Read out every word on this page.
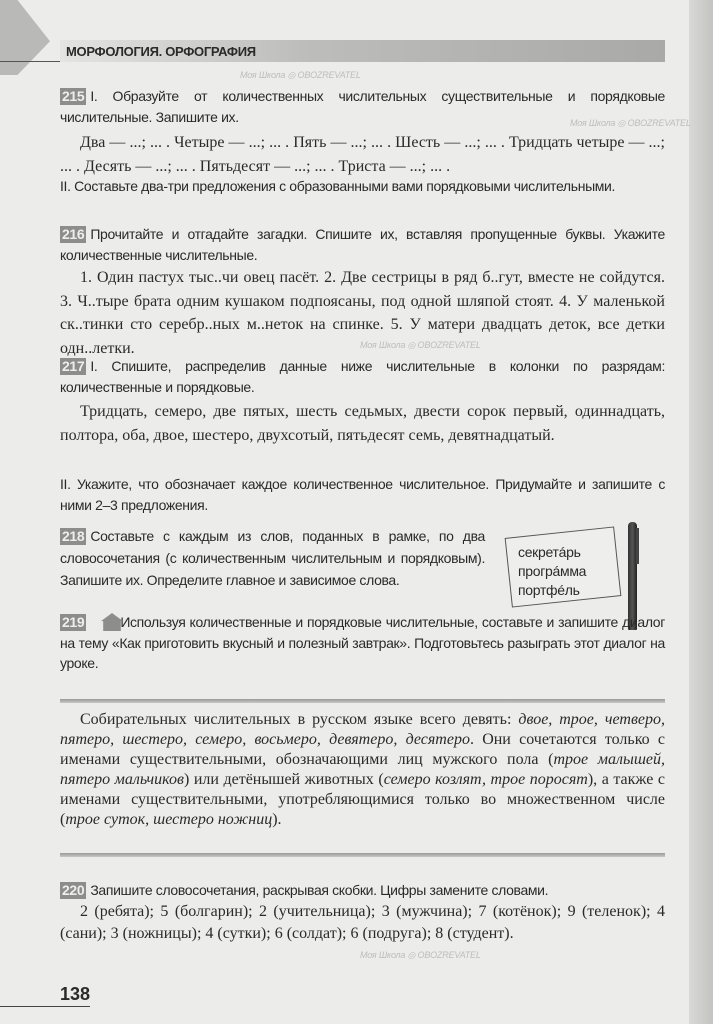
МОРФОЛОГИЯ. ОРФОГРАФИЯ
215 I. Образуйте от количественных числительных существительные и порядковые числительные. Запишите их.
Два — ...; ... . Четыре — ...; ... . Пять — ...; ... . Шесть — ...; ... . Тридцать четыре — ...; ... . Десять — ...; ... . Пятьдесят — ...; ... . Триста — ...; ... .
II. Составьте два-три предложения с образованными вами порядковыми числительными.
216 Прочитайте и отгадайте загадки. Спишите их, вставляя пропущенные буквы. Укажите количественные числительные.
1. Один пастух тыс..чи овец пасёт. 2. Две сестрицы в ряд б..гут, вместе не сойдутся. 3. Ч..тыре брата одним кушаком подпоясаны, под одной шляпой стоят. 4. У маленькой ск..тинки сто серебр..ных м..неток на спинке. 5. У матери двадцать деток, все детки одн..летки.
217 I. Спишите, распределив данные ниже числительные в колонки по разрядам: количественные и порядковые.
Тридцать, семеро, две пятых, шесть седьмых, двести сорок первый, одиннадцать, полтора, оба, двое, шестеро, двухсотый, пятьдесят семь, девятнадцатый.
II. Укажите, что обозначает каждое количественное числительное. Придумайте и запишите с ними 2–3 предложения.
218 Составьте с каждым из слов, поданных в рамке, по два словосочетания (с количественным числительным и порядковым). Запишите их. Определите главное и зависимое слова.
секретáрь
прогрáмма
портфéль
219	Используя количественные и порядковые числительные, составьте и запишите диалог на тему «Как приготовить вкусный и полезный завтрак». Подготовьтесь разыграть этот диалог на уроке.
Собирательных числительных в русском языке всего девять: двое, трое, четверо, пятеро, шестеро, семеро, восьмеро, девятеро, десятеро. Они сочетаются только с именами существительными, обозначающими лиц мужского пола (трое малышей, пятеро мальчиков) или детёнышей животных (семеро козлят, трое поросят), а также с именами существительными, употребляющимися только во множественном числе (трое суток, шестеро ножниц).
220 Запишите словосочетания, раскрывая скобки. Цифры замените словами.
2 (ребята); 5 (болгарин); 2 (учительница); 3 (мужчина); 7 (котёнок); 9 (теленок); 4 (сани); 3 (ножницы); 4 (сутки); 6 (солдат); 6 (подруга); 8 (студент).
138
Моя Школа ◎ OBOZREVATEL
Моя Школа ◎ OBOZREVATEL
Моя Школа ◎ OBOZREVATEL
Моя Школа ◎ OBOZREVATEL
